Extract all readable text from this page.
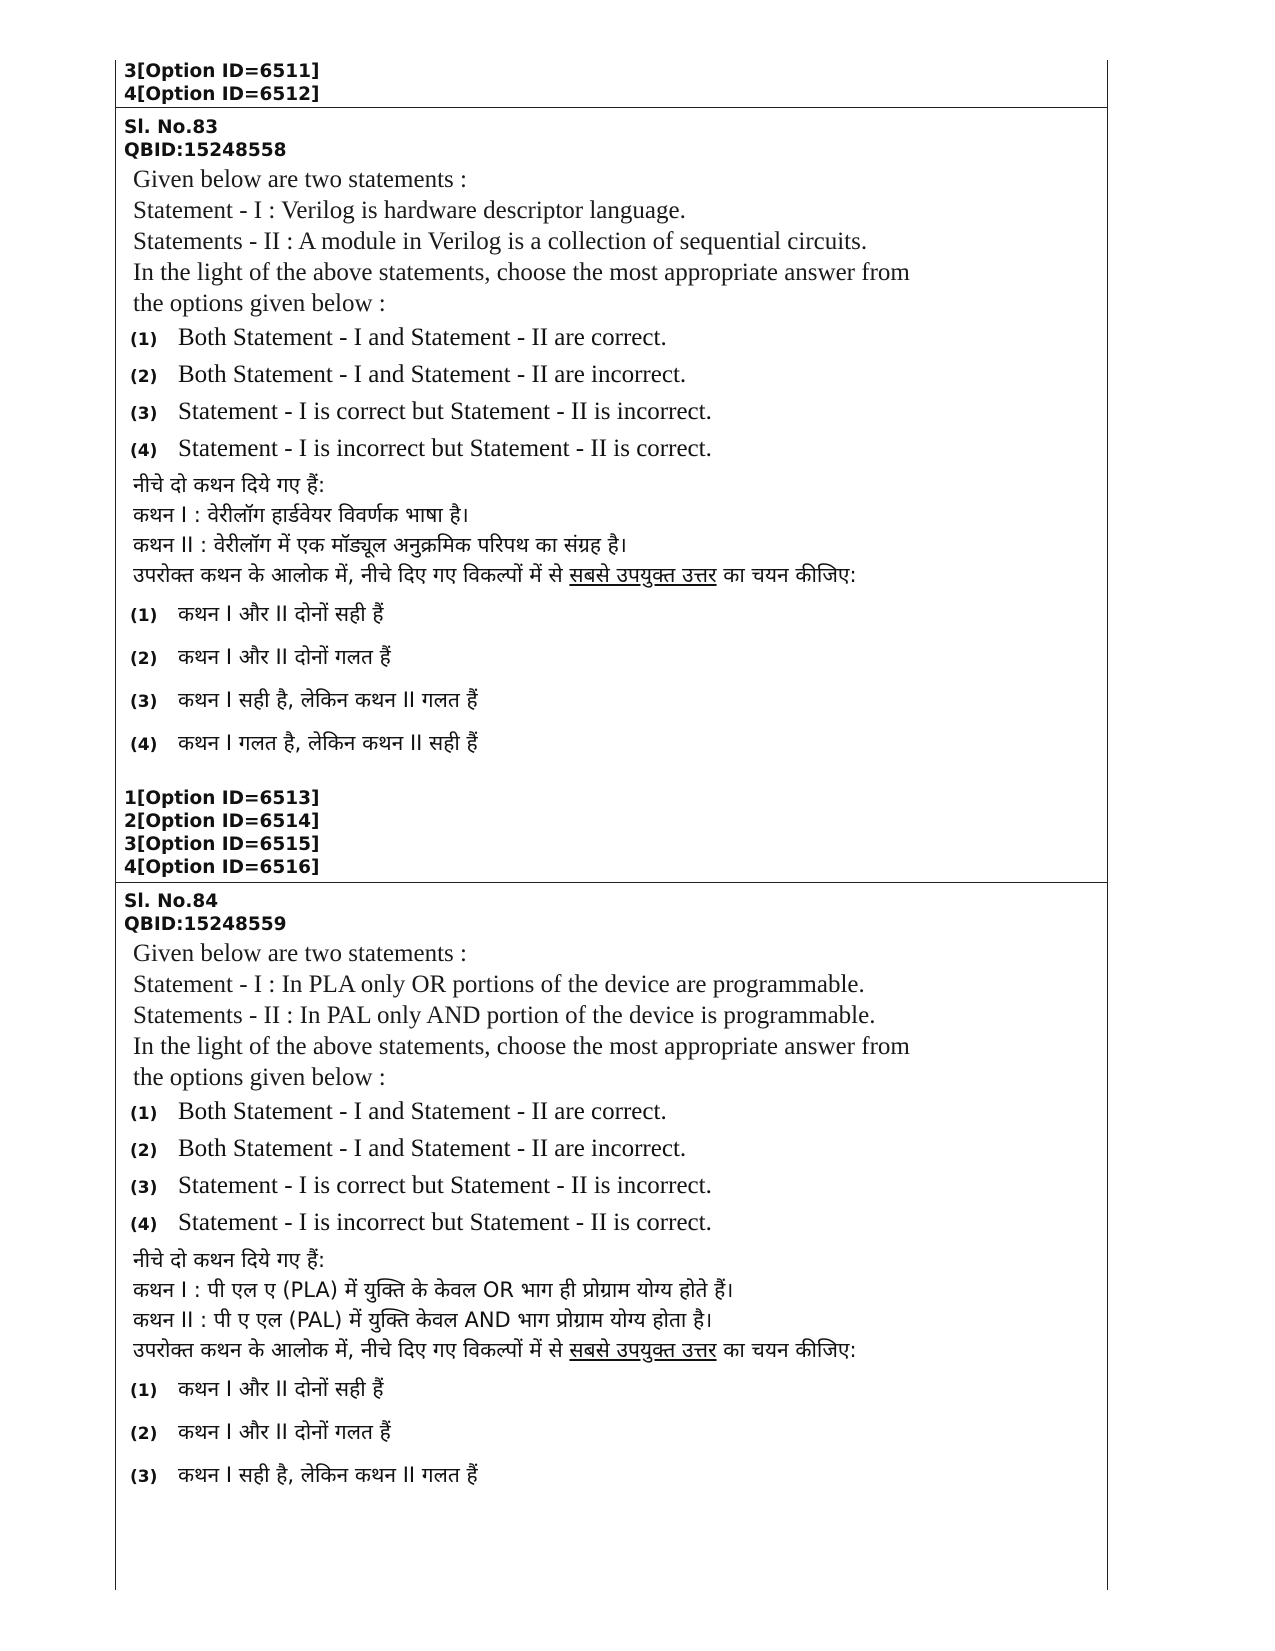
3[Option ID=6511]
4[Option ID=6512]
Sl. No.83
QBID:15248558
Given below are two statements :
Statement - I : Verilog is hardware descriptor language.
Statements - II : A module in Verilog is a collection of sequential circuits.
In the light of the above statements, choose the most appropriate answer from
the options given below :
(1) Both Statement - I and Statement - II are correct.
(2) Both Statement - I and Statement - II are incorrect.
(3) Statement - I is correct but Statement - II is incorrect.
(4) Statement - I is incorrect but Statement - II is correct.
नीचे दो कथन दिये गए हैं:
कथन I : वेरीलॉग हार्डवेयर विवर्णक भाषा है।
कथन II : वेरीलॉग में एक मॉड्यूल अनुक्रमिक परिपथ का संग्रह है।
उपरोक्त कथन के आलोक में, नीचे दिए गए विकल्पों में से सबसे उपयुक्त उत्तर का चयन कीजिए:
(1) कथन I और II दोनों सही हैं
(2) कथन I और II दोनों गलत हैं
(3) कथन I सही है, लेकिन कथन II गलत हैं
(4) कथन I गलत है, लेकिन कथन II सही हैं
1[Option ID=6513]
2[Option ID=6514]
3[Option ID=6515]
4[Option ID=6516]
Sl. No.84
QBID:15248559
Given below are two statements :
Statement - I : In PLA only OR portions of the device are programmable.
Statements - II : In PAL only AND portion of the device is programmable.
In the light of the above statements, choose the most appropriate answer from
the options given below :
(1) Both Statement - I and Statement - II are correct.
(2) Both Statement - I and Statement - II are incorrect.
(3) Statement - I is correct but Statement - II is incorrect.
(4) Statement - I is incorrect but Statement - II is correct.
नीचे दो कथन दिये गए हैं:
कथन I : पी एल ए (PLA) में युक्ति के केवल OR भाग ही प्रोग्राम योग्य होते हैं।
कथन II : पी ए एल (PAL) में युक्ति केवल AND भाग प्रोग्राम योग्य होता है।
उपरोक्त कथन के आलोक में, नीचे दिए गए विकल्पों में से सबसे उपयुक्त उत्तर का चयन कीजिए:
(1) कथन I और II दोनों सही हैं
(2) कथन I और II दोनों गलत हैं
(3) कथन I सही है, लेकिन कथन II गलत हैं
